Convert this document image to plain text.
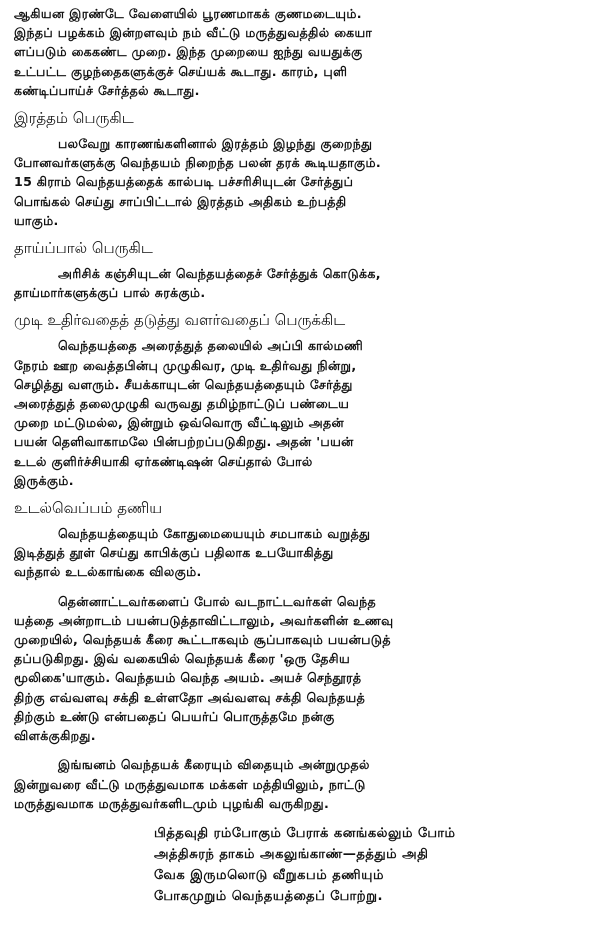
ஆகியன இரண்டே வேளையில் பூரணமாகக் குணமடையும்.
இந்தப் பழக்கம் இன்றளவும் நம் வீட்டு மருத்துவத்தில் கையா
ளப்படும் கைகண்ட முறை. இந்த முறையை ஐந்து வயதுக்கு
உட்பட்ட குழந்தைகளுக்குச் செய்யக் கூடாது. காரம், புளி
கண்டிப்பாய்ச் சேர்த்தல் கூடாது.
இரத்தம் பெருகிட
பலவேறு காரணங்களினால் இரத்தம் இழந்து குறைந்து
போனவர்களுக்கு வெந்தயம் நிறைந்த பலன் தரக் கூடியதாகும்.
15 கிராம் வெந்தயத்தைக் கால்படி பச்சரிசியுடன் சேர்த்துப்
பொங்கல் செய்து சாப்பிட்டால் இரத்தம் அதிகம் உற்பத்தி
யாகும்.
தாய்ப்பால் பெருகிட
அரிசிக் கஞ்சியுடன் வெந்தயத்தைச் சேர்த்துக் கொடுக்க,
தாய்மார்களுக்குப் பால் சுரக்கும்.
முடி உதிர்வதைத் தடுத்து வளர்வதைப் பெருக்கிட
வெந்தயத்தை அரைத்துத் தலையில் அப்பி கால்மணி
நேரம் ஊற வைத்தபின்பு முழுகிவர, முடி உதிர்வது நின்று,
செழித்து வளரும். சீயக்காயுடன் வெந்தயத்தையும் சேர்த்து
அரைத்துத் தலைமுழுகி வருவது தமிழ்நாட்டுப் பண்டைய
முறை மட்டுமல்ல, இன்றும் ஒவ்வொரு வீட்டிலும் அதன்
பயன் தெளிவாகாமலே பின்பற்றப்படுகிறது. அதன் 'பயன்
உடல் குளிர்ச்சியாகி ஏர்கண்டிஷன் செய்தால் போல்
இருக்கும்.
உடல்வெப்பம் தணிய
வெந்தயத்தையும் கோதுமையையும் சமபாகம் வறுத்து
இடித்துத் தூள் செய்து காபிக்குப் பதிலாக உபயோகித்து
வந்தால் உடல்காங்கை விலகும்.
தென்னாட்டவர்களைப் போல் வடநாட்டவர்கள் வெந்த
யத்தை அன்றாடம் பயன்படுத்தாவிட்டாலும், அவர்களின் உணவு
முறையில், வெந்தயக் கீரை கூட்டாகவும் சூப்பாகவும் பயன்படுத்
தப்படுகிறது. இவ் வகையில் வெந்தயக் கீரை 'ஒரு தேசிய
மூலிகை'யாகும். வெந்தயம் வெந்த அயம். அயச் செந்தூரத்
திற்கு எவ்வளவு சக்தி உள்ளதோ அவ்வளவு சக்தி வெந்தயத்
திற்கும் உண்டு என்பதைப் பெயர்ப் பொருத்தமே நன்கு
விளக்குகிறது.
இங்ஙனம் வெந்தயக் கீரையும் விதையும் அன்றுமுதல்
இன்றுவரை வீட்டு மருத்துவமாக மக்கள் மத்தியிலும், நாட்டு
மருத்துவமாக மருத்துவர்களிடமும் புழங்கி வருகிறது.
பித்தவுதி ரம்போகும் பேராக் கனங்கல்லும் போம்
அத்திசுரந் தாகம் அகலுங்காண்—தத்தும் அதி
வேக இருமலொடு வீறுகபம் தணியும்
போகமுறும் வெந்தயத்தைப் போற்று.
